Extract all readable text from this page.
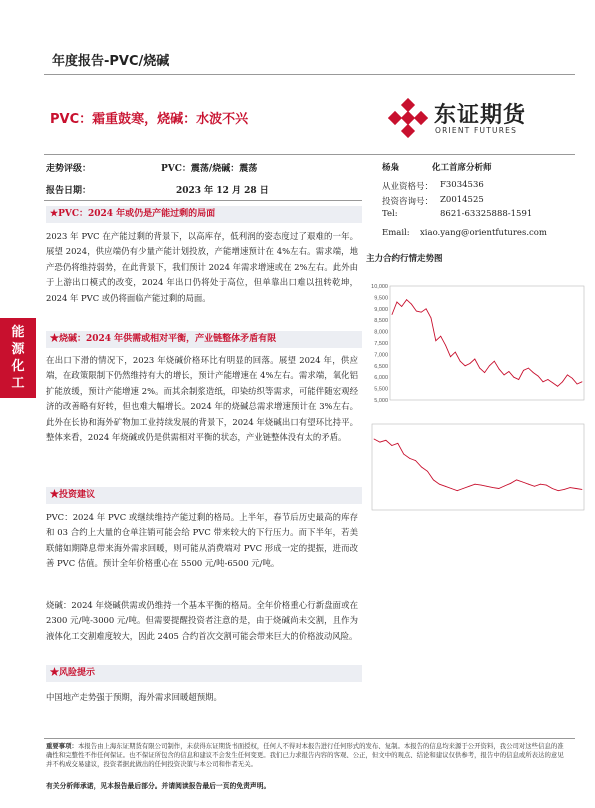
年度报告-PVC/烧碱
PVC：霜重鼓寒，烧碱：水波不兴	东证期货
ORIENT FUTURES
走势评级：	PVC：震荡/烧碱：震荡
报告日期：	2023 年 12 月 28 日
杨枭	化工首席分析师
从业资格号： F3034536
投资咨询号： Z0014525
Tel:	8621-63325888-1591
Email: xiao.yang@orientfutures.com
能
源
化
工
★PVC：2024 年或仍是产能过剩的局面
2023 年 PVC 在产能过剩的背景下，以高库存，低利润的姿态度过了艰难的一年。展望 2024，供应端仍有少量产能计划投放，产能增速预计在 4%左右。需求端，地产恐仍将维持弱势，在此背景下，我们预计 2024 年需求增速或在 2%左右。此外由于上游出口模式的改变，2024 年出口仍将处于高位，但单靠出口难以扭转乾坤，2024 年 PVC 或仍将面临产能过剩的局面。
★烧碱：2024 年供需或相对平衡，产业链整体矛盾有限
在出口下滑的情况下，2023 年烧碱价格环比有明显的回落。展望 2024 年，供应端，在政策限制下仍然维持有大的增长，预计产能增速在 4%左右。需求端，氧化铝扩能放缓，预计产能增速 2%。而其余制浆造纸，印染纺织等需求，可能伴随宏观经济的改善略有好转，但也难大幅增长。2024 年的烧碱总需求增速预计在 3%左右。此外在长协和海外矿物加工业持续发展的背景下，2024 年烧碱出口有望环比持平。整体来看，2024 年烧碱或仍是供需相对平衡的状态，产业链整体没有太的矛盾。
★投资建议
PVC：2024 年 PVC 或继续维持产能过剩的格局。上半年，春节后历史最高的库存和 03 合约上大量的仓单注销可能会给 PVC 带来较大的下行压力。而下半年，若美联储如期降息带来海外需求回暖，则可能从消费端对 PVC 形成一定的提振，进而改善 PVC 估值。预计全年价格重心在 5500 元/吨-6500 元/吨。
烧碱：2024 年烧碱供需或仍维持一个基本平衡的格局。全年价格重心行新盘面或在 2300 元/吨-3000 元/吨。但需要提醒投资者注意的是，由于烧碱尚未交割，且作为液体化工交割难度较大，因此 2405 合约首次交割可能会带来巨大的价格波动风险。
★风险提示
中国地产走势强于预期，海外需求回暖超预期。
主力合约行情走势图
10,000
9,500
9,000
8,500
8,000
7,500
7,000
6,500
6,000
5,500
5,000
重要事项：本报告由上海东证期货有限公司制作，未获得东证期货书面授权，任何人不得对本报告进行任何形式的发布、复制。本报告的信息均来源于公开资料，我公司对这些信息的准确性和完整性不作任何保证。也不保证所包含的信息和建议不会发生任何变更。我们已力求报告内容的客观、公正，但文中的观点、结论和建议仅供参考，报告中的信息或所表达的意见并不构成交易建议，投资者据此做出的任何投资决策与本公司和作者无关。
有关分析师承诺，见本报告最后部分。并请阅读报告最后一页的免责声明。
